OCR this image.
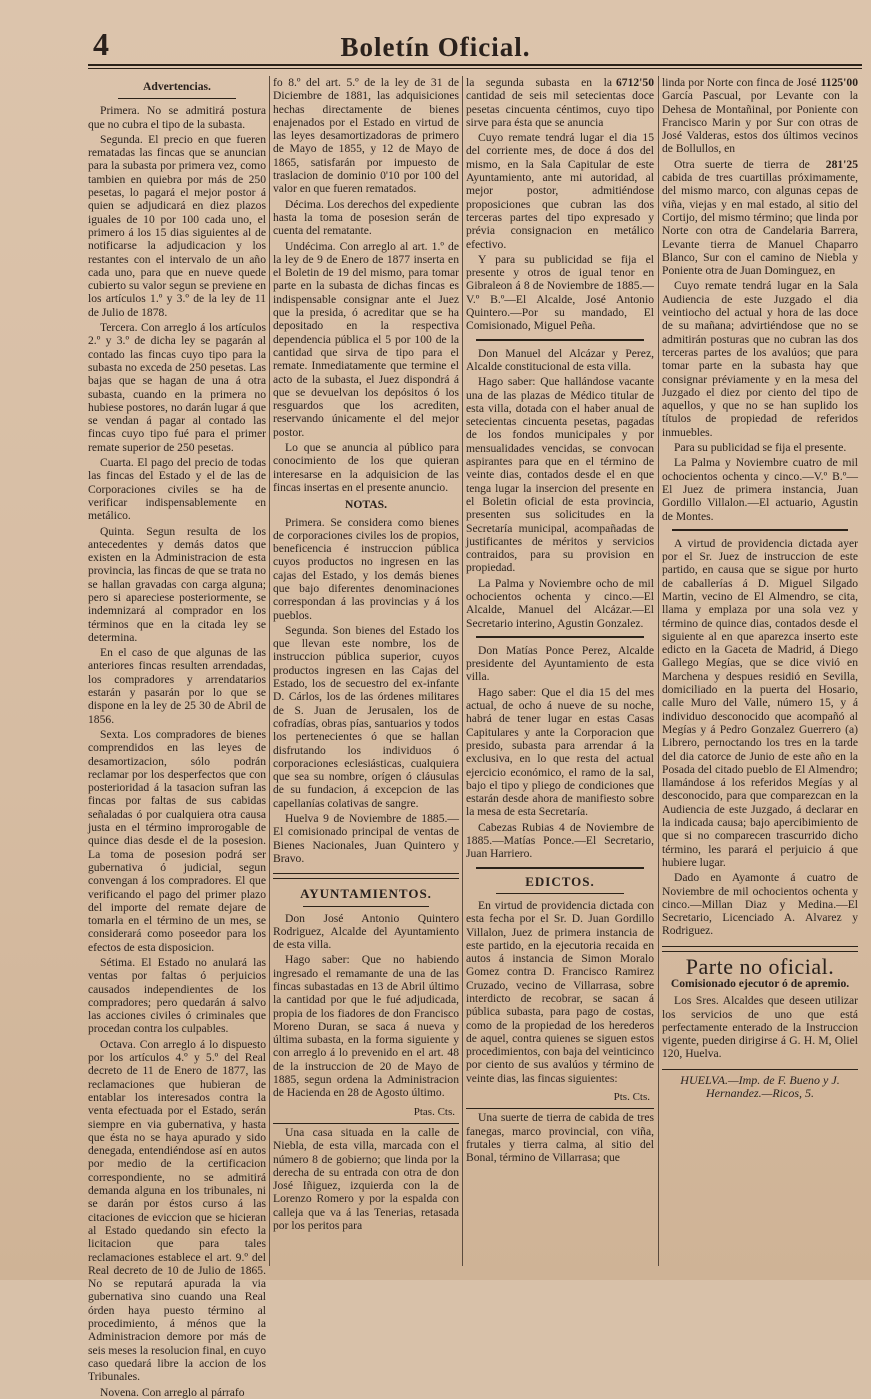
4	Boletín Oficial.
Advertencias.

Primera. No se admitirá postura que no cubra el tipo de la subasta.

Segunda. El precio en que fueren rematadas las fincas que se anuncian para la subasta por primera vez, como tambien en quiebra por más de 250 pesetas, lo pagará el mejor postor á quien se adjudicará en diez plazos iguales de 10 por 100 cada uno, el primero á los 15 dias siguientes al de notificarse la adjudicacion y los restantes con el intervalo de un año cada uno, para que en nueve quede cubierto su valor segun se previene en los artículos 1.º y 3.º de la ley de 11 de Julio de 1878.

Tercera. Con arreglo á los artículos 2.º y 3.º de dicha ley se pagarán al contado las fincas cuyo tipo para la subasta no exceda de 250 pesetas. Las bajas que se hagan de una á otra subasta, cuando en la primera no hubiese postores, no darán lugar á que se vendan á pagar al contado las fincas cuyo tipo fué para el primer remate superior de 250 pesetas.

Cuarta. El pago del precio de todas las fincas del Estado y el de las de Corporaciones civiles se ha de verificar indispensablemente en metálico.

Quinta. Segun resulta de los antecedentes y demás datos que existen en la Administracion de esta provincia, las fincas de que se trata no se hallan gravadas con carga alguna; pero si apareciese posteriormente, se indemnizará al comprador en los términos que en la citada ley se determina.

En el caso de que algunas de las anteriores fincas resulten arrendadas, los compradores y arrendatarios estarán y pasarán por lo que se dispone en la ley de 25 30 de Abril de 1856.

Sexta. Los compradores de bienes comprendidos en las leyes de desamortizacion, sólo podrán reclamar por los desperfectos que con posterioridad á la tasacion sufran las fincas por faltas de sus cabidas señaladas ó por cualquiera otra causa justa en el término improrogable de quince dias desde el de la posesion. La toma de posesion podrá ser gubernativa ó judicial, segun convengan á los compradores. El que verificando el pago del primer plazo del importe del remate dejare de tomarla en el término de un mes, se considerará como poseedor para los efectos de esta disposicion.

Sétima. El Estado no anulará las ventas por faltas ó perjuicios causados independientes de los compradores; pero quedarán á salvo las acciones civiles ó criminales que procedan contra los culpables.

Octava. Con arreglo á lo dispuesto por los artículos 4.º y 5.º del Real decreto de 11 de Enero de 1877, las reclamaciones que hubieran de entablar los interesados contra la venta efectuada por el Estado, serán siempre en via gubernativa, y hasta que ésta no se haya apurado y sido denegada, entendiéndose así en autos por medio de la certificacion correspondiente, no se admitirá demanda alguna en los tribunales, ni se darán por éstos curso á las citaciones de eviccion que se hicieran al Estado quedando sin efecto la licitacion que para tales reclamaciones establece el art. 9.º del Real decreto de 10 de Julio de 1865. No se reputará apurada la via gubernativa sino cuando una Real órden haya puesto término al procedimiento, á ménos que la Administracion demore por más de seis meses la resolucion final, en cuyo caso quedará libre la accion de los Tribunales.

Novena. Con arreglo al párrafo

fo 8.º del art. 5.º de la ley de 31 de Diciembre de 1881, las adquisiciones hechas directamente de bienes enajenados por el Estado en virtud de las leyes desamortizadoras de primero de Mayo de 1855, y 12 de Mayo de 1865, satisfarán por impuesto de traslacion de dominio 0'10 por 100 del valor en que fueren rematados.

Décima. Los derechos del expediente hasta la toma de posesion serán de cuenta del rematante.

Undécima. Con arreglo al art. 1.º de la ley de 9 de Enero de 1877 inserta en el Boletin de 19 del mismo, para tomar parte en la subasta de dichas fincas es indispensable consignar ante el Juez que la presida, ó acreditar que se ha depositado en la respectiva dependencia pública el 5 por 100 de la cantidad que sirva de tipo para el remate. Inmediatamente que termine el acto de la subasta, el Juez dispondrá á que se devuelvan los depósitos ó los resguardos que los acrediten, reservando únicamente el del mejor postor.

Lo que se anuncia al público para conocimiento de los que quieran interesarse en la adquisicion de las fincas insertas en el presente anuncio.

NOTAS.

Primera. Se considera como bienes de corporaciones civiles los de propios, beneficencia é instruccion pública cuyos productos no ingresen en las cajas del Estado, y los demás bienes que bajo diferentes denominaciones correspondan á las provincias y á los pueblos.

Segunda. Son bienes del Estado los que llevan este nombre, los de instruccion pública superior, cuyos productos ingresen en las Cajas del Estado, los de secuestro del ex-infante D. Cárlos, los de las órdenes militares de S. Juan de Jerusalen, los de cofradías, obras pías, santuarios y todos los pertenecientes ó que se hallan disfrutando los individuos ó corporaciones eclesiásticas, cualquiera que sea su nombre, orígen ó cláusulas de su fundacion, á excepcion de las capellanías colativas de sangre.

Huelva 9 de Noviembre de 1885.—El comisionado principal de ventas de Bienes Nacionales, Juan Quintero y Bravo.

AYUNTAMIENTOS.

Don José Antonio Quintero Rodriguez, Alcalde del Ayuntamiento de esta villa.

Hago saber: Que no habiendo ingresado el remamante de una de las fincas subastadas en 13 de Abril último la cantidad por que le fué adjudicada, propia de los fiadores de don Francisco Moreno Duran, se saca á nueva y última subasta, en la forma siguiente y con arreglo á lo prevenido en el art. 48 de la instruccion de 20 de Mayo de 1885, segun ordena la Administracion de Hacienda en 28 de Agosto último.

Ptas. Cts.

Una casa situada en la calle de Niebla, de esta villa, marcada con el número 8 de gobierno; que linda por la derecha de su entrada con otra de don José Iñiguez, izquierda con la de Lorenzo Romero y por la espalda con calleja que va á las Tenerias, retasada por los peritos para

6712'50
la segunda subasta en la cantidad de seis mil setecientas doce pesetas cincuenta céntimos, cuyo tipo sirve para ésta que se anuncia

Cuyo remate tendrá lugar el dia 15 del corriente mes, de doce á dos del mismo, en la Sala Capitular de este Ayuntamiento, ante mi autoridad, al mejor postor, admitiéndose proposiciones que cubran las dos terceras partes del tipo expresado y prévia consignacion en metálico efectivo.

Y para su publicidad se fija el presente y otros de igual tenor en Gibraleon á 8 de Noviembre de 1885.—V.º B.º—El Alcalde, José Antonio Quintero.—Por su mandado, El Comisionado, Miguel Peña.

Don Manuel del Alcázar y Perez, Alcalde constitucional de esta villa.

Hago saber: Que hallándose vacante una de las plazas de Médico titular de esta villa, dotada con el haber anual de setecientas cincuenta pesetas, pagadas de los fondos municipales y por mensualidades vencidas, se convocan aspirantes para que en el término de veinte dias, contados desde el en que tenga lugar la insercion del presente en el Boletin oficial de esta provincia, presenten sus solicitudes en la Secretaría municipal, acompañadas de justificantes de méritos y servicios contraidos, para su provision en propiedad.

La Palma y Noviembre ocho de mil ochocientos ochenta y cinco.—El Alcalde, Manuel del Alcázar.—El Secretario interino, Agustin Gonzalez.

Don Matías Ponce Perez, Alcalde presidente del Ayuntamiento de esta villa.

Hago saber: Que el dia 15 del mes actual, de ocho á nueve de su noche, habrá de tener lugar en estas Casas Capitulares y ante la Corporacion que presido, subasta para arrendar á la exclusiva, en lo que resta del actual ejercicio económico, el ramo de la sal, bajo el tipo y pliego de condiciones que estarán desde ahora de manifiesto sobre la mesa de esta Secretaría.

Cabezas Rubias 4 de Noviembre de 1885.—Matías Ponce.—El Secretario, Juan Harriero.

EDICTOS.

En virtud de providencia dictada con esta fecha por el Sr. D. Juan Gordillo Villalon, Juez de primera instancia de este partido, en la ejecutoria recaida en autos á instancia de Simon Moralo Gomez contra D. Francisco Ramirez Cruzado, vecino de Villarrasa, sobre interdicto de recobrar, se sacan á pública subasta, para pago de costas, como de la propiedad de los herederos de aquel, contra quienes se siguen estos procedimientos, con baja del veinticinco por ciento de sus avalúos y término de veinte dias, las fincas siguientes:

Pts. Cts.

Una suerte de tierra de cabida de tres fanegas, marco provincial, con viña, frutales y tierra calma, al sitio del Bonal, término de Villarrasa; que

1125'00
linda por Norte con finca de José García Pascual, por Levante con la Dehesa de Montañinal, por Poniente con Francisco Marin y por Sur con otras de José Valderas, estos dos últimos vecinos de Bollullos, en

281'25
Otra suerte de tierra de cabida de tres cuartillas próximamente, del mismo marco, con algunas cepas de viña, viejas y en mal estado, al sitio del Cortijo, del mismo término; que linda por Norte con otra de Candelaria Barrera, Levante tierra de Manuel Chaparro Blanco, Sur con el camino de Niebla y Poniente otra de Juan Dominguez, en

Cuyo remate tendrá lugar en la Sala Audiencia de este Juzgado el dia veintiocho del actual y hora de las doce de su mañana; advirtiéndose que no se admitirán posturas que no cubran las dos terceras partes de los avalúos; que para tomar parte en la subasta hay que consignar préviamente y en la mesa del Juzgado el diez por ciento del tipo de aquellos, y que no se han suplido los títulos de propiedad de referidos inmuebles.

Para su publicidad se fija el presente.

La Palma y Noviembre cuatro de mil ochocientos ochenta y cinco.—V.º B.º—El Juez de primera instancia, Juan Gordillo Villalon.—El actuario, Agustin de Montes.

A virtud de providencia dictada ayer por el Sr. Juez de instruccion de este partido, en causa que se sigue por hurto de caballerías á D. Miguel Silgado Martin, vecino de El Almendro, se cita, llama y emplaza por una sola vez y término de quince dias, contados desde el siguiente al en que aparezca inserto este edicto en la Gaceta de Madrid, á Diego Gallego Megías, que se dice vivió en Marchena y despues residió en Sevilla, domiciliado en la puerta del Hosario, calle Muro del Valle, número 15, y á individuo desconocido que acompañó al Megías y á Pedro Gonzalez Guerrero (a) Librero, pernoctando los tres en la tarde del dia catorce de Junio de este año en la Posada del citado pueblo de El Almendro; llamándose á los referidos Megías y al desconocido, para que comparezcan en la Audiencia de este Juzgado, á declarar en la indicada causa; bajo apercibimiento de que si no comparecen trascurrido dicho término, les parará el perjuicio á que hubiere lugar.

Dado en Ayamonte á cuatro de Noviembre de mil ochocientos ochenta y cinco.—Millan Diaz y Medina.—El Secretario, Licenciado A. Alvarez y Rodriguez.

Parte no oficial.
Comisionado ejecutor ó de apremio.

Los Sres. Alcaldes que deseen utilizar los servicios de uno que está perfectamente enterado de la Instruccion vigente, pueden dirigirse á G. H. M, Oliel 120, Huelva.

HUELVA.—Imp. de F. Bueno y J. Hernandez.—Ricos, 5.
